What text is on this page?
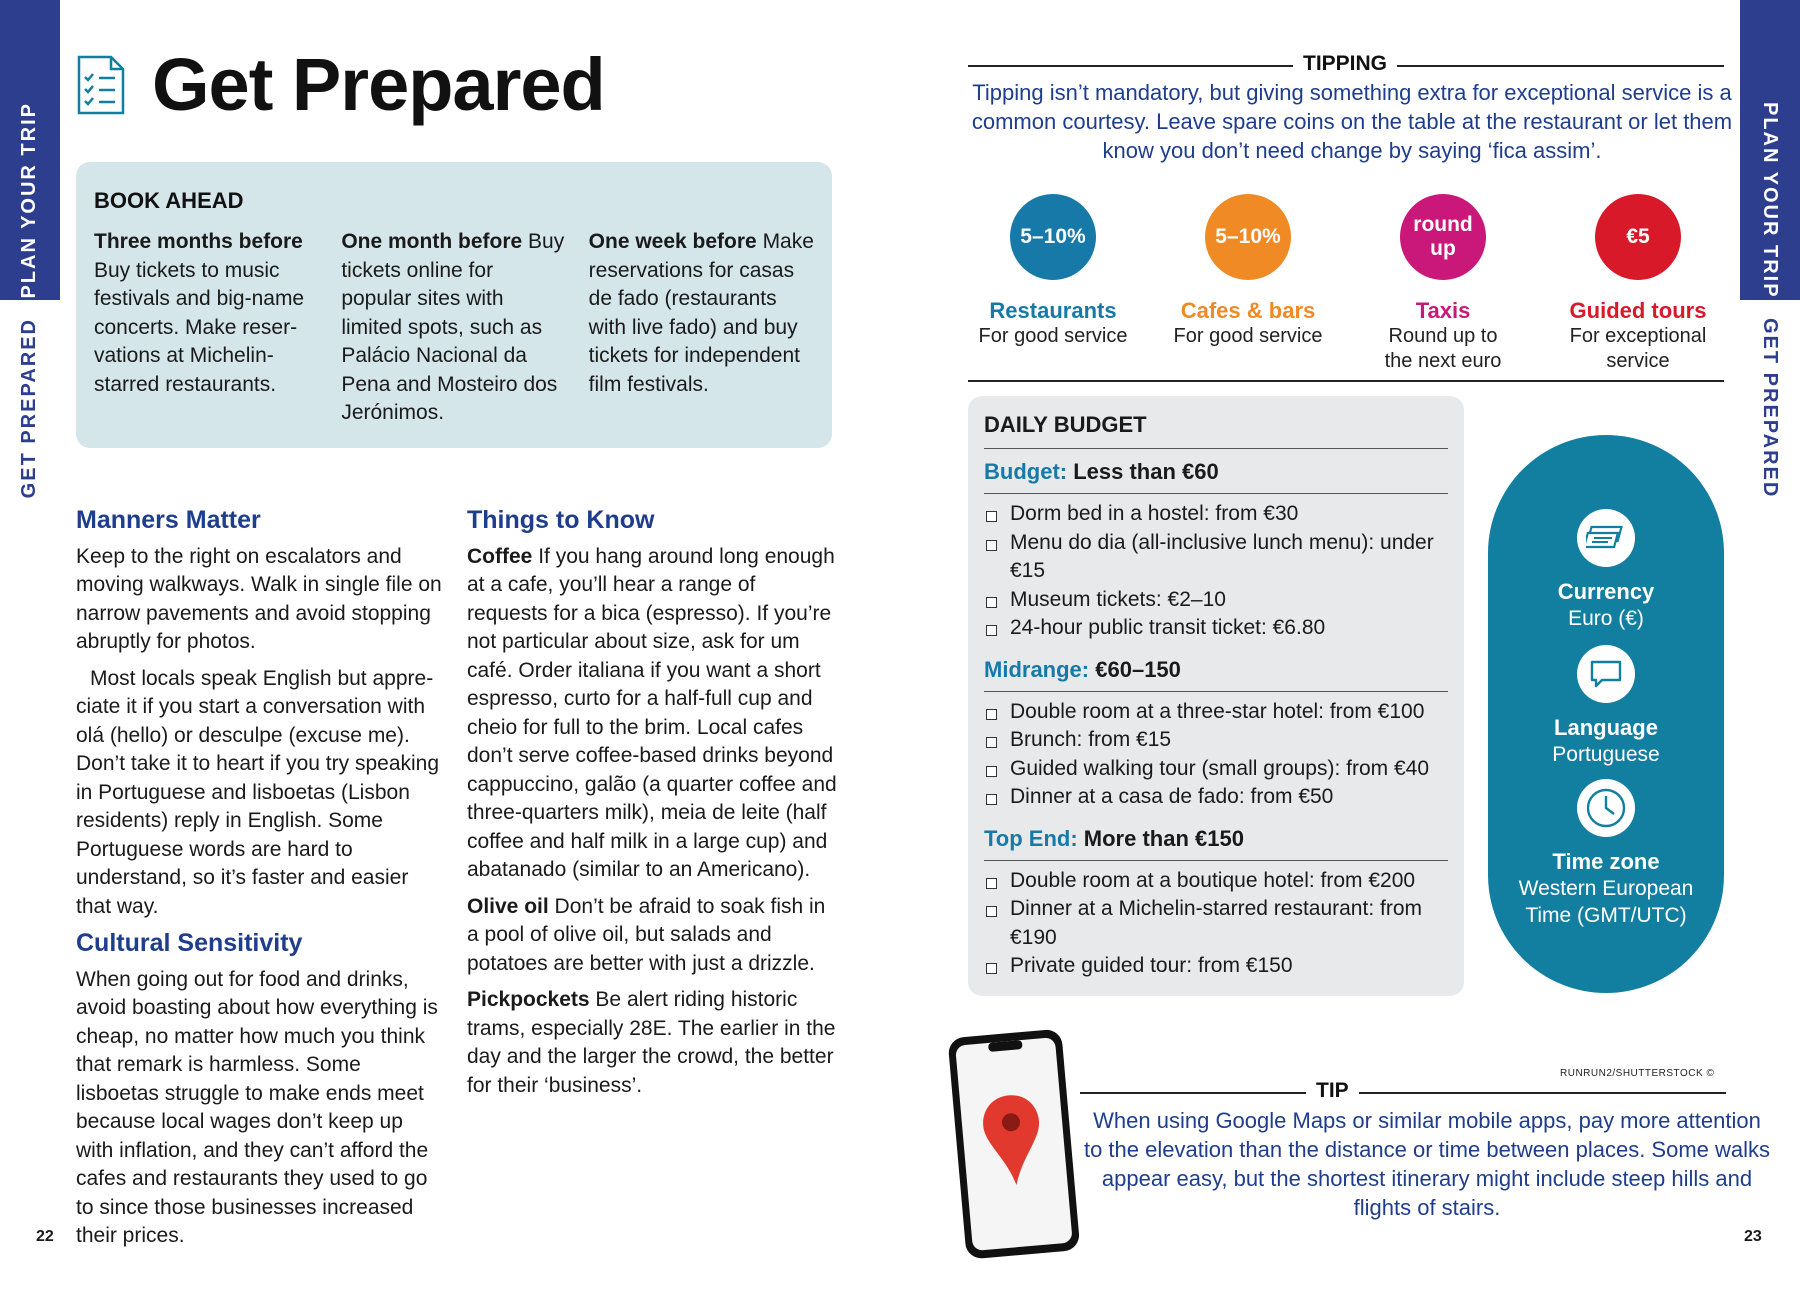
PLAN YOUR TRIP
GET PREPARED
22
Get Prepared
BOOK AHEAD
Three months before Buy tickets to music festivals and big-name concerts. Make reservations at Michelin-starred restaurants.
One month before Buy tickets online for popular sites with limited spots, such as Palácio Nacional da Pena and Mosteiro dos Jerónimos.
One week before Make reservations for casas de fado (restaurants with live fado) and buy tickets for independent film festivals.
Manners Matter

Keep to the right on escalators and moving walkways. Walk in single file on narrow pavements and avoid stopping abruptly for photos.

Most locals speak English but appreciate it if you start a conversation with olá (hello) or desculpe (excuse me). Don’t take it to heart if you try speaking in Portuguese and lisboetas (Lisbon residents) reply in English. Some Portuguese words are hard to understand, so it’s faster and easier that way.

Cultural Sensitivity

When going out for food and drinks, avoid boasting about how everything is cheap, no matter how much you think that remark is harmless. Some lisboetas struggle to make ends meet because local wages don’t keep up with inflation, and they can’t afford the cafes and restaurants they used to go to since those businesses increased their prices.

Things to Know

Coffee If you hang around long enough at a cafe, you’ll hear a range of requests for a bica (espresso). If you’re not particular about size, ask for um café. Order italiana if you want a short espresso, curto for a half-full cup and cheio for full to the brim. Local cafes don’t serve coffee-based drinks beyond cappuccino, galão (a quarter coffee and three-quarters milk), meia de leite (half coffee and half milk in a large cup) and abatanado (similar to an Americano).

Olive oil Don’t be afraid to soak fish in a pool of olive oil, but salads and potatoes are better with just a drizzle.

Pickpockets Be alert riding historic trams, especially 28E. The earlier in the day and the larger the crowd, the better for their ‘business’.

PLAN YOUR TRIP
GET PREPARED
23
TIPPING
Tipping isn’t mandatory, but giving something extra for exceptional service is a common courtesy. Leave spare coins on the table at the restaurant or let them know you don’t need change by saying ‘fica assim’.
5–10%
Restaurants
For good service
5–10%
Cafes & bars
For good service
round up
Taxis
Round up to the next euro
€5
Guided tours
For exceptional service
DAILY BUDGET
Budget: Less than €60
Dorm bed in a hostel: from €30
Menu do dia (all-inclusive lunch menu): under €15
Museum tickets: €2–10
24-hour public transit ticket: €6.80
Midrange: €60–150
Double room at a three-star hotel: from €100
Brunch: from €15
Guided walking tour (small groups): from €40
Dinner at a casa de fado: from €50
Top End: More than €150
Double room at a boutique hotel: from €200
Dinner at a Michelin-starred restaurant: from €190
Private guided tour: from €150
Currency
Euro (€)
Language
Portuguese
Time zone
Western European Time (GMT/UTC)
RUNRUN2/SHUTTERSTOCK ©
TIP
When using Google Maps or similar mobile apps, pay more attention to the elevation than the distance or time between places. Some walks appear easy, but the shortest itinerary might include steep hills and flights of stairs.
